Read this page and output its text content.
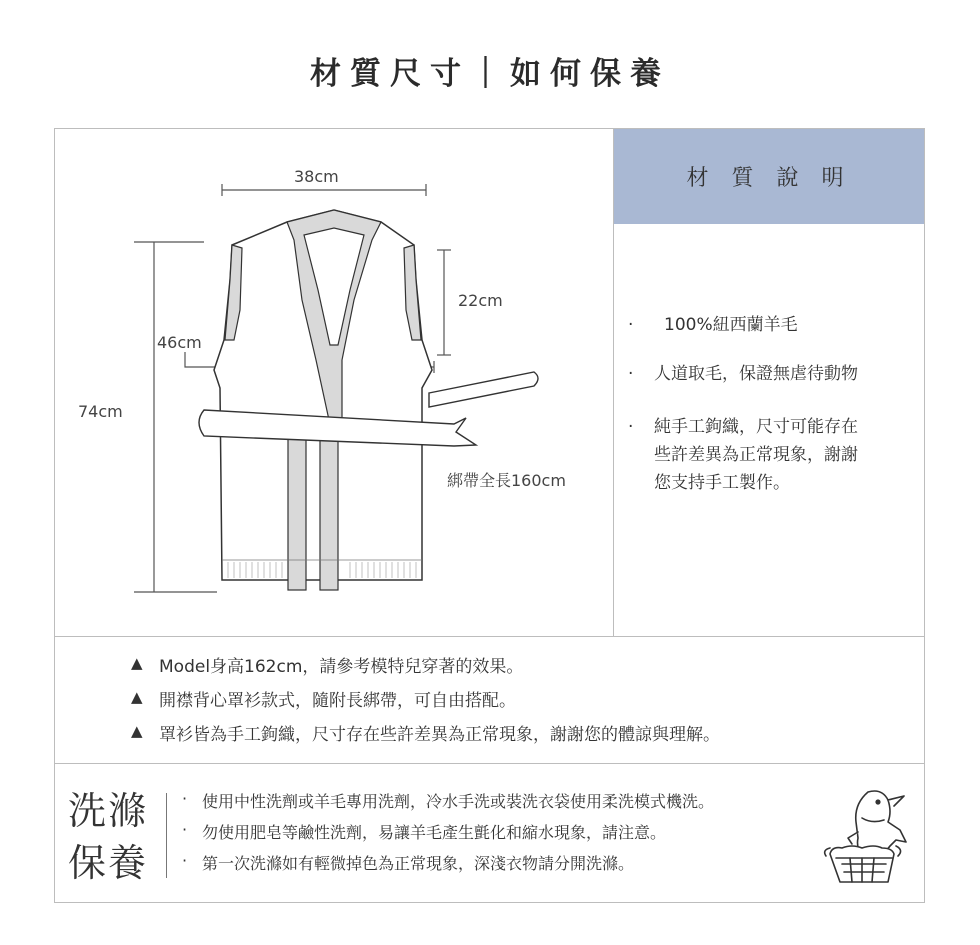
材質尺寸｜如何保養
38cm
22cm
46cm
74cm
綁帶全長160cm
材 質 說 明
· 100%紐西蘭羊毛
· 人道取毛，保證無虐待動物
· 純手工鉤織，尺寸可能存在
些許差異為正常現象，謝謝
您支持手工製作。
▲ Model身高162cm，請參考模特兒穿著的效果。
▲ 開襟背心罩衫款式，隨附長綁帶，可自由搭配。
▲ 罩衫皆為手工鉤織，尺寸存在些許差異為正常現象，謝謝您的體諒與理解。
洗滌
保養
· 使用中性洗劑或羊毛專用洗劑，冷水手洗或裝洗衣袋使用柔洗模式機洗。
· 勿使用肥皂等鹼性洗劑，易讓羊毛產生氈化和縮水現象，請注意。
· 第一次洗滌如有輕微掉色為正常現象，深淺衣物請分開洗滌。
